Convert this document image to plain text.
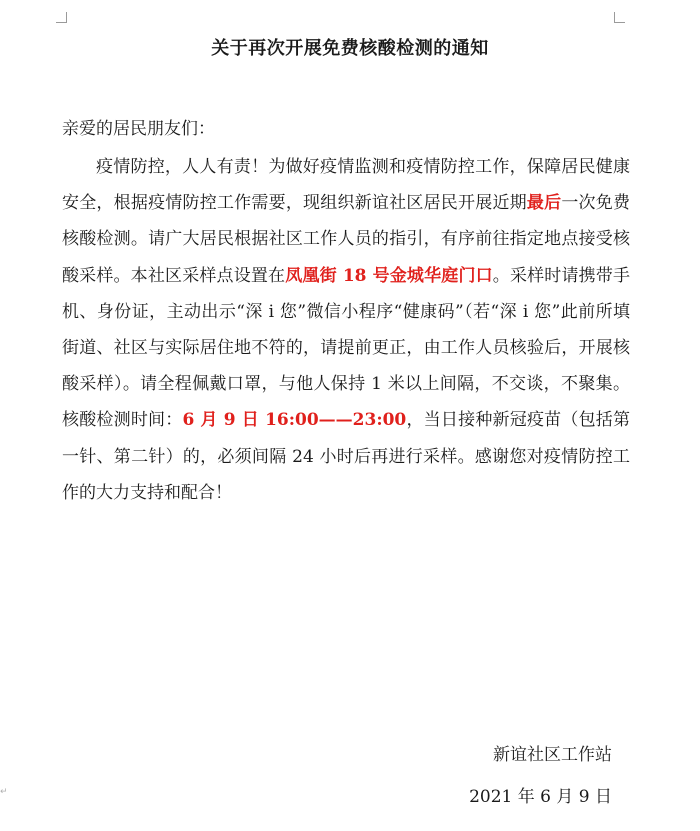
关于再次开展免费核酸检测的通知

亲爱的居民朋友们：

疫情防控，人人有责！为做好疫情监测和疫情防控工作，保障居民健康安全，根据疫情防控工作需要，现组织新谊社区居民开展近期最后一次免费核酸检测。请广大居民根据社区工作人员的指引，有序前往指定地点接受核酸采样。本社区采样点设置在凤凰街 18 号金城华庭门口。采样时请携带手机、身份证，主动出示“深 i 您”微信小程序“健康码”（若“深 i 您”此前所填街道、社区与实际居住地不符的，请提前更正，由工作人员核验后，开展核酸采样）。请全程佩戴口罩，与他人保持 1 米以上间隔，不交谈，不聚集。核酸检测时间：6 月 9 日 16:00——23:00，当日接种新冠疫苗（包括第一针、第二针）的，必须间隔 24 小时后再进行采样。感谢您对疫情防控工作的大力支持和配合！

新谊社区工作站

2021 年 6 月 9 日

↵
